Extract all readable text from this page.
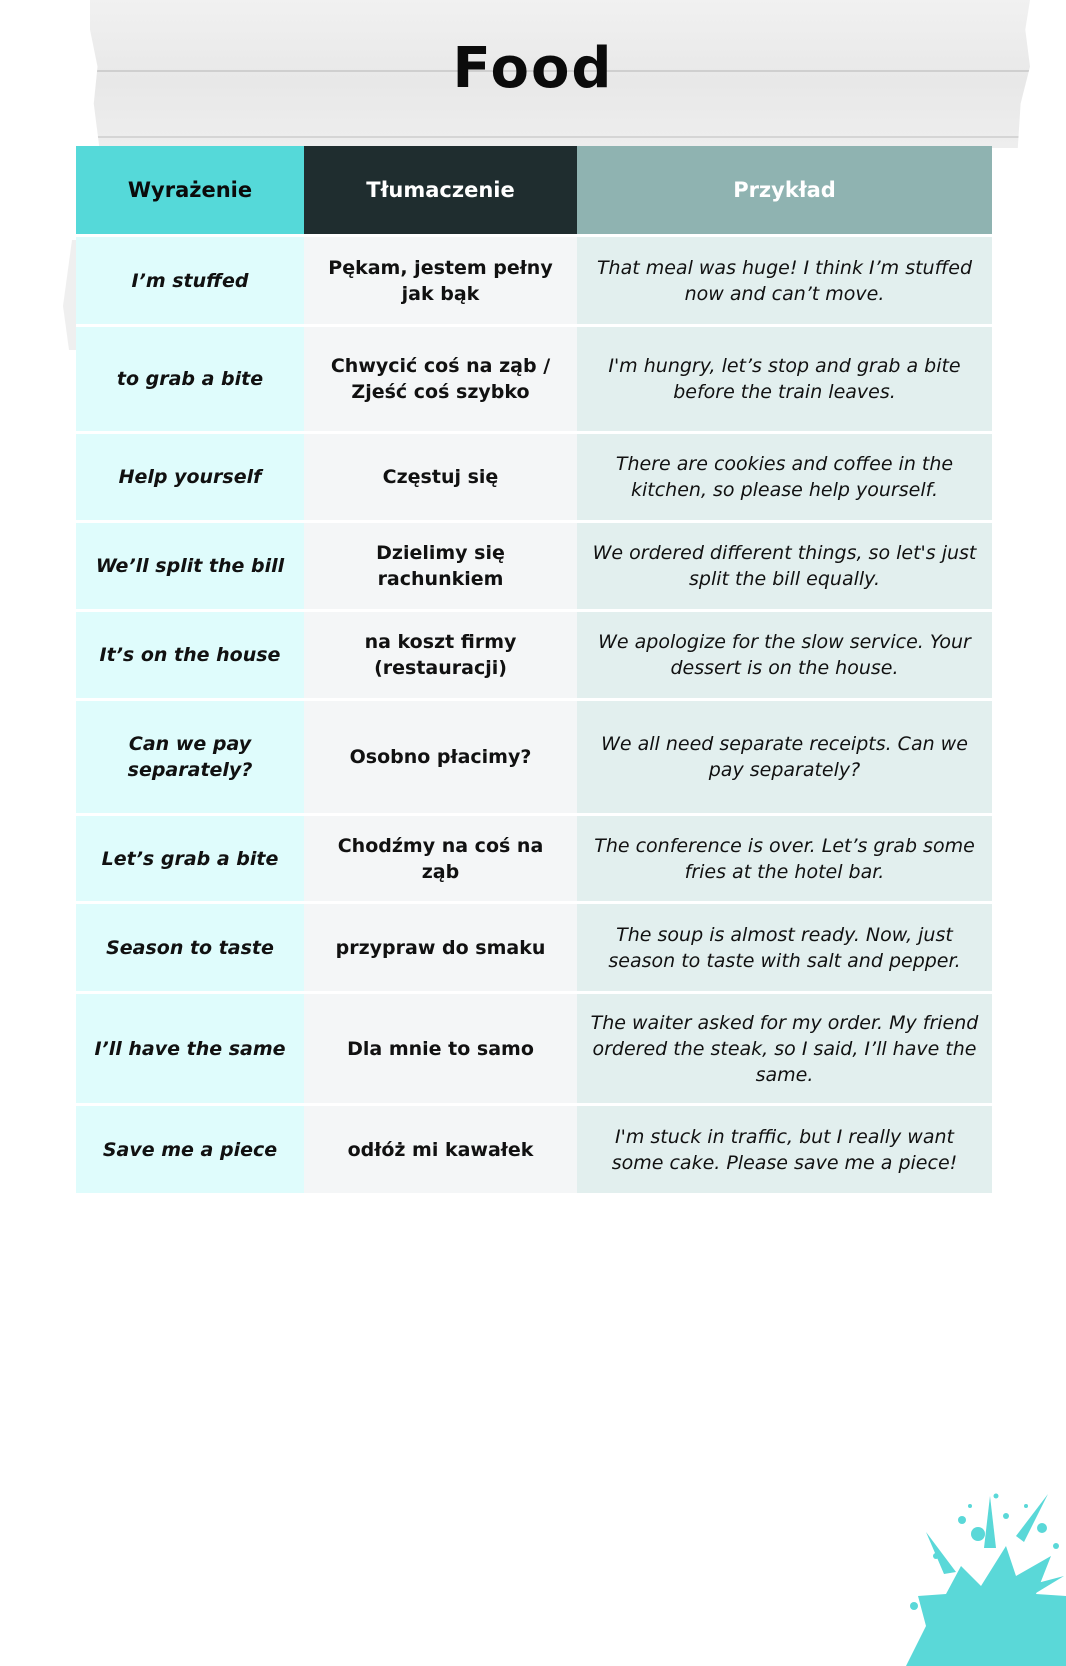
Food
Wyrażenie	Tłumaczenie	Przykład
I’m stuffed	Pękam, jestem pełny jak bąk	That meal was huge! I think I’m stuffed now and can’t move.
to grab a bite	Chwycić coś na ząb / Zjeść coś szybko	I'm hungry, let’s stop and grab a bite before the train leaves.
Help yourself	Częstuj się	There are cookies and coffee in the kitchen, so please help yourself.
We’ll split the bill	Dzielimy się rachunkiem	We ordered different things, so let's just split the bill equally.
It’s on the house	na koszt firmy (restauracji)	We apologize for the slow service. Your dessert is on the house.
Can we pay separately?	Osobno płacimy?	We all need separate receipts. Can we pay separately?
Let’s grab a bite	Chodźmy na coś na ząb	The conference is over. Let’s grab some fries at the hotel bar.
Season to taste	przypraw do smaku	The soup is almost ready. Now, just season to taste with salt and pepper.
I’ll have the same	Dla mnie to samo	The waiter asked for my order. My friend ordered the steak, so I said, I’ll have the same.
Save me a piece	odłóż mi kawałek	I'm stuck in traffic, but I really want some cake. Please save me a piece!
